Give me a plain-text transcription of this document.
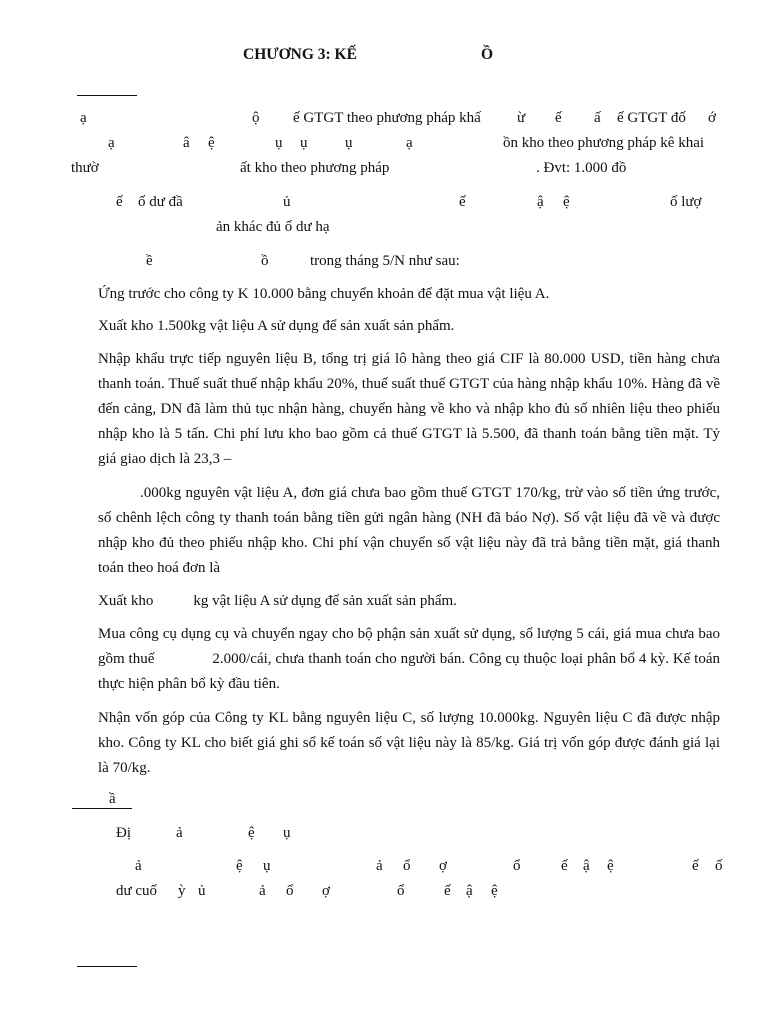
CHƯƠNG 3: KẾ	Ồ
ạ	ộ ế GTGT theo phương pháp khấ ừ ế ấ ế GTGT đố ớ
ạ	â ệ	ụ ụ	ụ	ạ	ồn kho theo phương pháp kê khai
thườ	ất kho theo phương pháp	. Đvt: 1.000 đồ
ế ố dư đầ	ủ	ế	ậ ệ	ố lượ
ản khác đủ ố dư hạ
ề	ồ	trong tháng 5/N như sau:
Ứng trước cho công ty K 10.000 bằng chuyển khoản để đặt mua vật liệu A.
Xuất kho 1.500kg vật liệu A sử dụng để sản xuất sản phẩm.
Nhập khẩu trực tiếp nguyên liệu B, tổng trị giá lô hàng theo giá CIF là 80.000 USD, tiền hàng chưa thanh toán. Thuế suất thuế nhập khẩu 20%, thuế suất thuế GTGT của hàng nhập khẩu 10%. Hàng đã về đến cảng, DN đã làm thủ tục nhận hàng, chuyển hàng về kho và nhập kho đủ số nhiên liệu theo phiếu nhập kho là 5 tấn. Chi phí lưu kho bao gồm cả thuế GTGT là 5.500, đã thanh toán bằng tiền mặt. Tỷ giá giao dịch là 23,3 –
.000kg nguyên vật liệu A, đơn giá chưa bao gồm thuế GTGT 170/kg, trừ vào số tiền ứng trước, số chênh lệch công ty thanh toán bằng tiền gửi ngân hàng (NH đã báo Nợ). Số vật liệu đã về và được nhập kho đủ theo phiếu nhập kho. Chi phí vận chuyển số vật liệu này đã trả bằng tiền mặt, giá thanh toán theo hoá đơn là
Xuất kho	kg vật liệu A sử dụng để sản xuất sản phẩm.
Mua công cụ dụng cụ và chuyển ngay cho bộ phận sản xuất sử dụng, số lượng 5 cái, giá mua chưa bao gồm thuế	2.000/cái, chưa thanh toán cho người bán. Công cụ thuộc loại phân bổ 4 kỳ. Kế toán thực hiện phân bổ kỳ đầu tiên.
Nhận vốn góp của Công ty KL bằng nguyên liệu C, số lượng 10.000kg. Nguyên liệu C đã được nhập kho. Công ty KL cho biết giá ghi sổ kế toán số vật liệu này là 85/kg. Giá trị vốn góp được đánh giá lại là 70/kg.
ầ
Đị	ả	ệ ụ
ả	ệ ụ	ả ổ ợ	ổ	ế ậ ệ	ế ố
dư cuố ỳ ủ	ả ổ ợ	ổ	ế ậ ệ
